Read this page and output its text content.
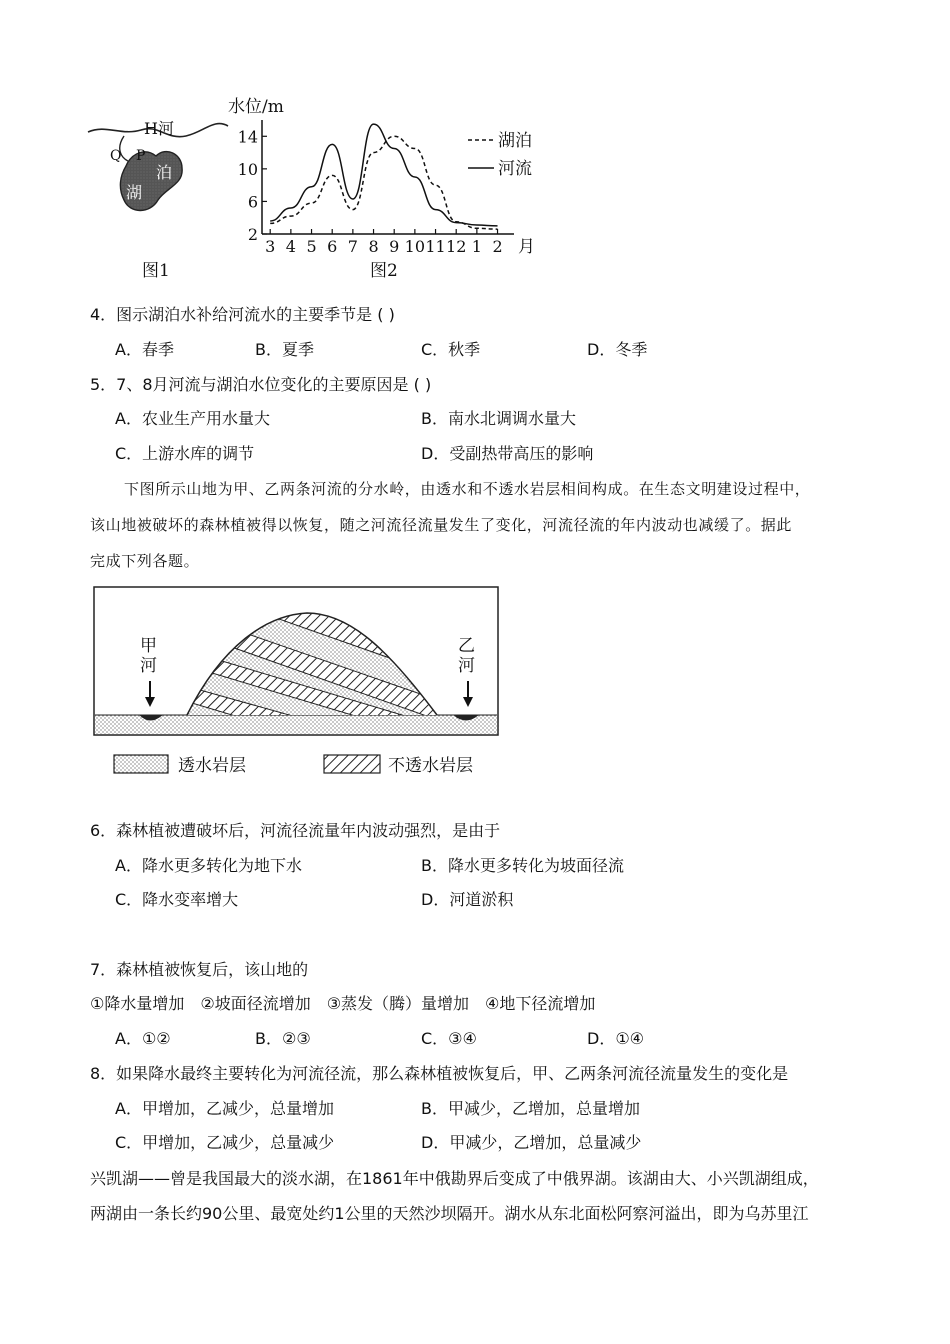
H河
Q P
泊
湖
图1
水位/m
2
6
10
14
3 4 5 6 7 8 9 10 11 12 1 2 月
湖泊
河流
图2
4．图示湖泊水补给河流水的主要季节是 ( )
A．春季	B．夏季	C．秋季	D．冬季
5．7、8月河流与湖泊水位变化的主要原因是 ( )
A．农业生产用水量大	B．南水北调调水量大
C．上游水库的调节	D．受副热带高压的影响
下图所示山地为甲、乙两条河流的分水岭，由透水和不透水岩层相间构成。在生态文明建设过程中，
该山地被破坏的森林植被得以恢复，随之河流径流量发生了变化，河流径流的年内波动也减缓了。据此
完成下列各题。
甲
河
乙
河
透水岩层	不透水岩层
6．森林植被遭破坏后，河流径流量年内波动强烈，是由于
A．降水更多转化为地下水	B．降水更多转化为坡面径流
C．降水变率增大	D．河道淤积
7．森林植被恢复后，该山地的
①降水量增加　②坡面径流增加　③蒸发（腾）量增加　④地下径流增加
A．①②	B．②③	C．③④	D．①④
8．如果降水最终主要转化为河流径流，那么森林植被恢复后，甲、乙两条河流径流量发生的变化是
A．甲增加，乙减少，总量增加	B．甲减少，乙增加，总量增加
C．甲增加，乙减少，总量减少	D．甲减少，乙增加，总量减少
兴凯湖——曾是我国最大的淡水湖，在1861年中俄勘界后变成了中俄界湖。该湖由大、小兴凯湖组成，
两湖由一条长约90公里、最宽处约1公里的天然沙坝隔开。湖水从东北面松阿察河溢出，即为乌苏里江
